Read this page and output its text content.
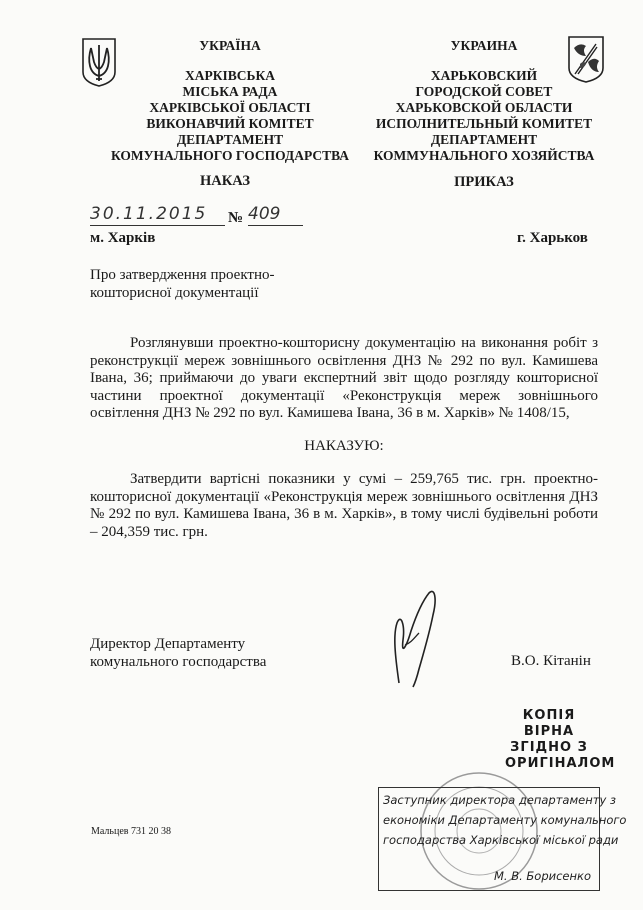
УКРАЇНА
ХАРКІВСЬКА
МІСЬКА РАДА
ХАРКІВСЬКОЇ ОБЛАСТІ
ВИКОНАВЧИЙ КОМІТЕТ
ДЕПАРТАМЕНТ
КОМУНАЛЬНОГО ГОСПОДАРСТВА
НАКАЗ
УКРАИНА
ХАРЬКОВСКИЙ
ГОРОДСКОЙ СОВЕТ
ХАРЬКОВСКОЙ ОБЛАСТИ
ИСПОЛНИТЕЛЬНЫЙ КОМИТЕТ
ДЕПАРТАМЕНТ
КОММУНАЛЬНОГО ХОЗЯЙСТВА
ПРИКАЗ
30.11.2015	№ 409
м. Харків	г. Харьков
Про затвердження проектно-
кошторисної документації
Розглянувши проектно-кошторисну документацію на виконання робіт з реконструкції мереж зовнішнього освітлення ДНЗ № 292 по вул. Камишева Івана, 36; приймаючи до уваги експертний звіт щодо розгляду кошторисної частини проектної документації «Реконструкція мереж зовнішнього освітлення ДНЗ № 292 по вул. Камишева Івана, 36 в м. Харків» № 1408/15,
НАКАЗУЮ:
Затвердити вартісні показники у сумі – 259,765 тис. грн. проектно-кошторисної документації «Реконструкція мереж зовнішнього освітлення ДНЗ № 292 по вул. Камишева Івана, 36 в м. Харків», в тому числі будівельні роботи – 204,359 тис. грн.
Директор Департаменту
комунального господарства	В.О. Кітанін
КОПІЯ ВІРНА
ЗГІДНО З
ОРИГІНАЛОМ
Заступник директора департаменту з
економіки Департаменту комунального
господарства Харківської міської ради
М. В. Борисенко
Мальцев 731 20 38
